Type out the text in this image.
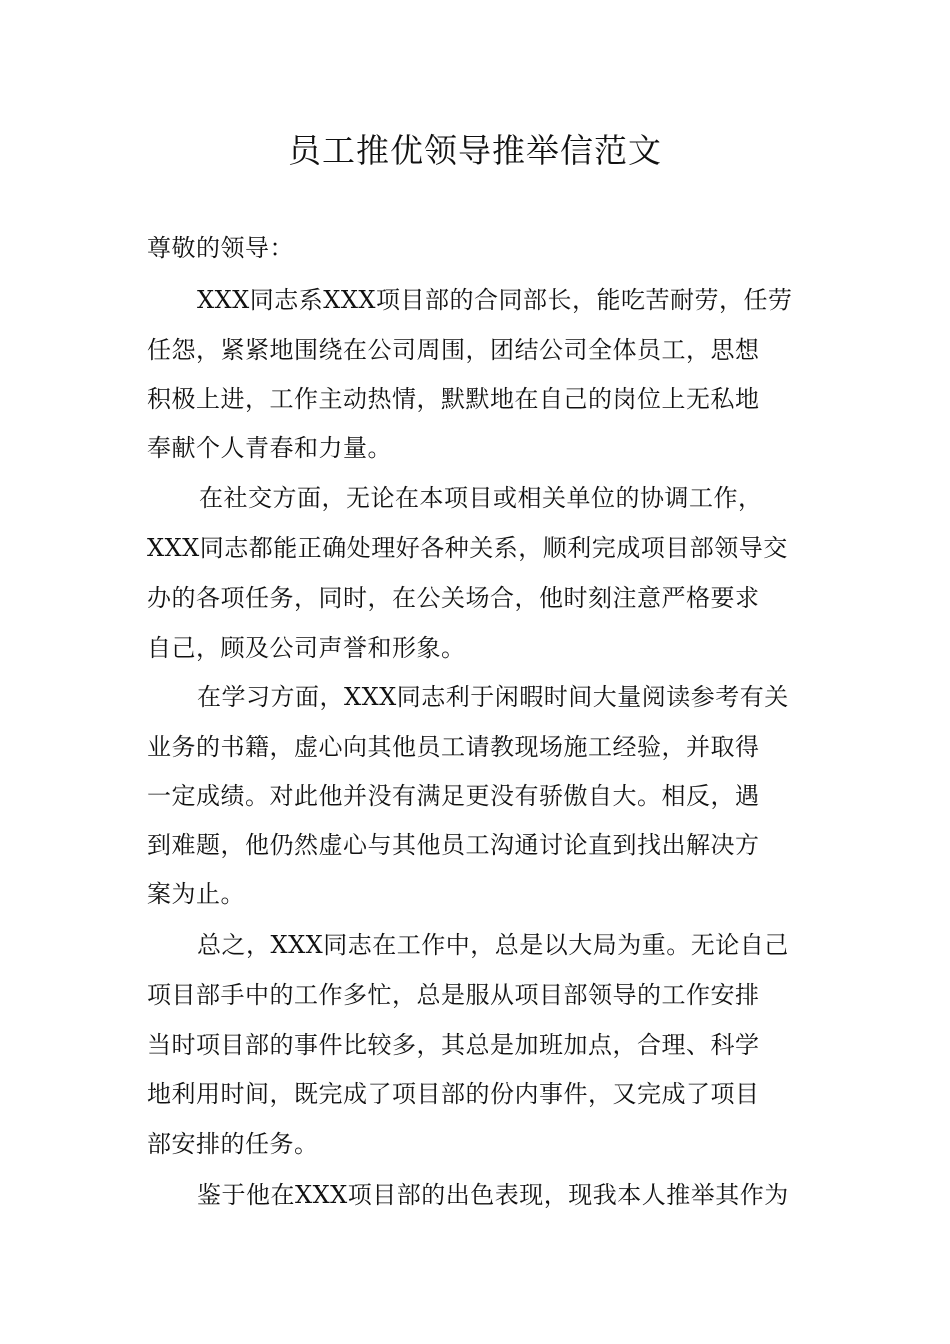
员工推优领导推举信范文
尊敬的领导：
XXX同志系XXX项目部的合同部长，能吃苦耐劳，任劳
任怨，紧紧地围绕在公司周围，团结公司全体员工，思想
积极上进，工作主动热情，默默地在自己的岗位上无私地
奉献个人青春和力量。
在社交方面，无论在本项目或相关单位的协调工作，
XXX同志都能正确处理好各种关系，顺利完成项目部领导交
办的各项任务，同时，在公关场合，他时刻注意严格要求
自己，顾及公司声誉和形象。
在学习方面，XXX同志利于闲暇时间大量阅读参考有关
业务的书籍，虚心向其他员工请教现场施工经验，并取得
一定成绩。对此他并没有满足更没有骄傲自大。相反，遇
到难题，他仍然虚心与其他员工沟通讨论直到找出解决方
案为止。
总之，XXX同志在工作中，总是以大局为重。无论自己
项目部手中的工作多忙，总是服从项目部领导的工作安排
当时项目部的事件比较多，其总是加班加点，合理、科学
地利用时间，既完成了项目部的份内事件，又完成了项目
部安排的任务。
鉴于他在XXX项目部的出色表现，现我本人推举其作为
